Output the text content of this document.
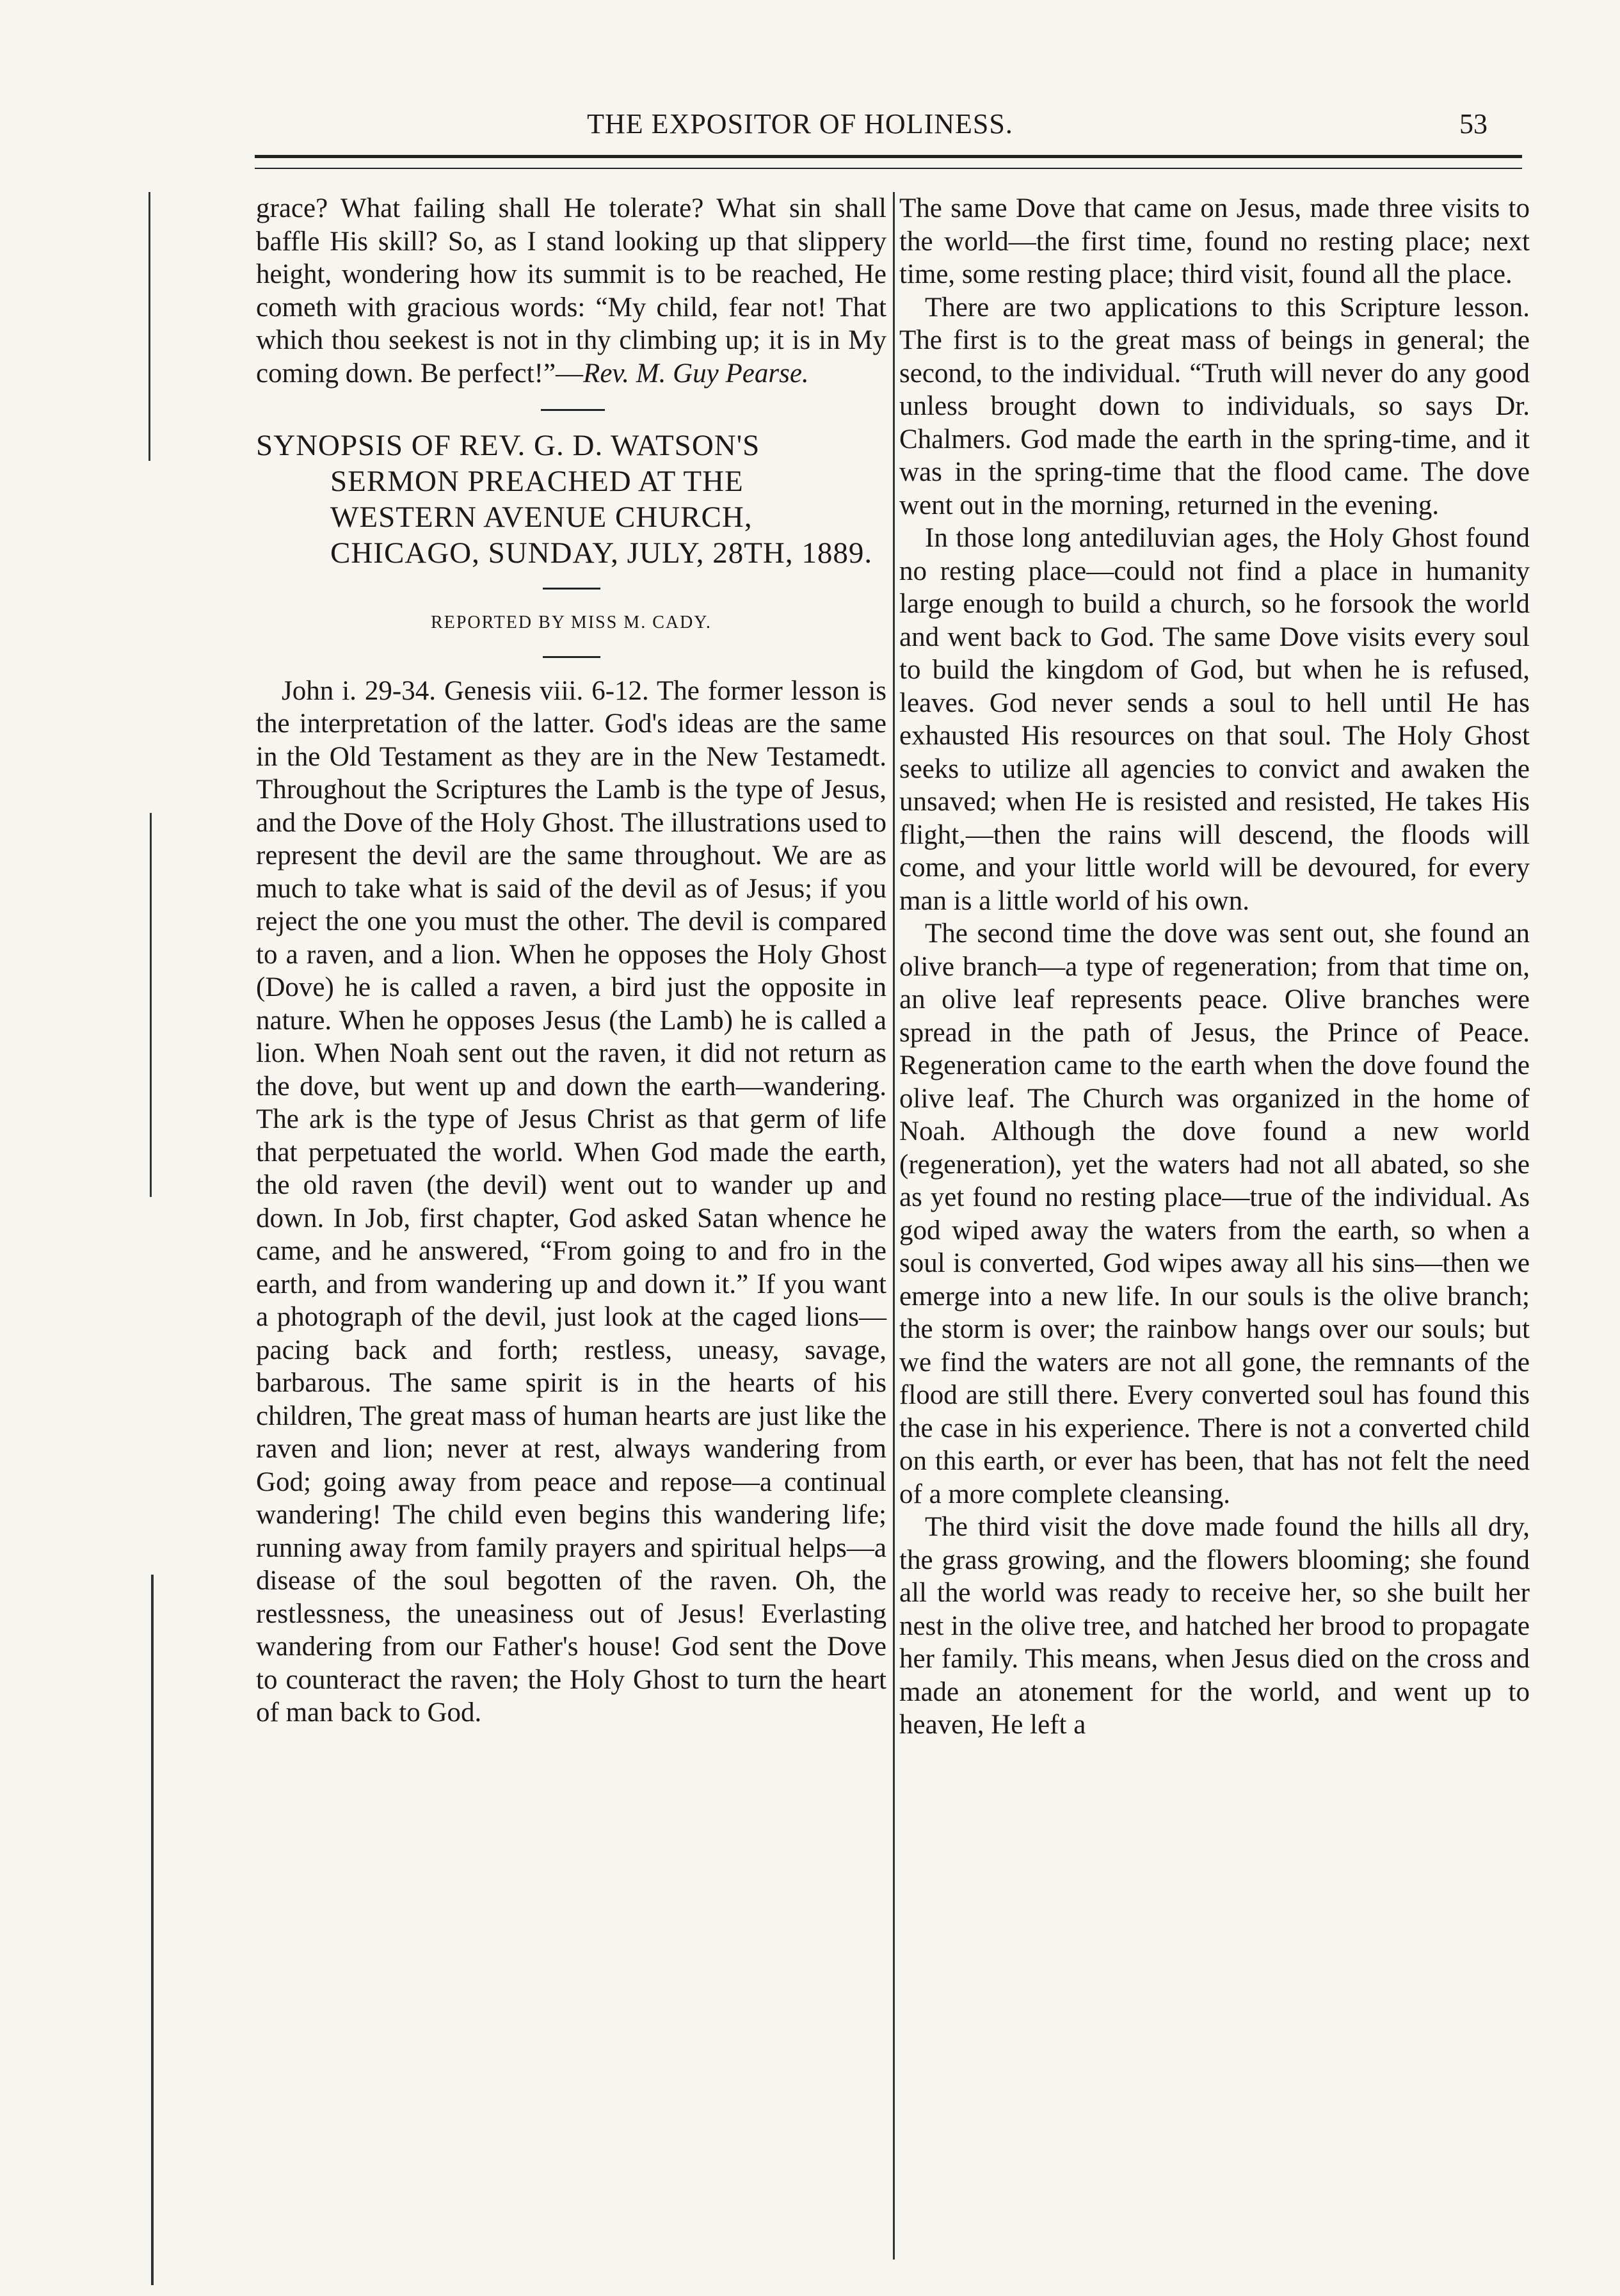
THE EXPOSITOR OF HOLINESS.	53

grace? What failing shall He tolerate? What sin shall baffle His skill? So, as I stand looking up that slippery height, wondering how its summit is to be reached, He cometh with gracious words: “My child, fear not! That which thou seekest is not in thy climbing up; it is in My coming down. Be perfect!”—Rev. M. Guy Pearse.

SYNOPSIS OF REV. G. D. WATSON'S SERMON PREACHED AT THE WESTERN AVENUE CHURCH, CHICAGO, SUNDAY, JULY, 28TH, 1889.

REPORTED BY MISS M. CADY.

John i. 29-34. Genesis viii. 6-12. The former lesson is the interpretation of the latter. God's ideas are the same in the Old Testament as they are in the New Testamedt. Throughout the Scriptures the Lamb is the type of Jesus, and the Dove of the Holy Ghost. The illustrations used to represent the devil are the same throughout. We are as much to take what is said of the devil as of Jesus; if you reject the one you must the other. The devil is compared to a raven, and a lion. When he opposes the Holy Ghost (Dove) he is called a raven, a bird just the opposite in nature. When he opposes Jesus (the Lamb) he is called a lion. When Noah sent out the raven, it did not return as the dove, but went up and down the earth—wandering. The ark is the type of Jesus Christ as that germ of life that perpetuated the world. When God made the earth, the old raven (the devil) went out to wander up and down. In Job, first chapter, God asked Satan whence he came, and he answered, “From going to and fro in the earth, and from wandering up and down it.” If you want a photograph of the devil, just look at the caged lions—pacing back and forth; restless, uneasy, savage, barbarous. The same spirit is in the hearts of his children, The great mass of human hearts are just like the raven and lion; never at rest, always wandering from God; going away from peace and repose—a continual wandering! The child even begins this wandering life; running away from family prayers and spiritual helps—a disease of the soul begotten of the raven. Oh, the restlessness, the uneasiness out of Jesus! Everlasting wandering from our Father's house! God sent the Dove to counteract the raven; the Holy Ghost to turn the heart of man back to God.

The same Dove that came on Jesus, made three visits to the world—the first time, found no resting place; next time, some resting place; third visit, found all the place.

There are two applications to this Scripture lesson. The first is to the great mass of beings in general; the second, to the individual. “Truth will never do any good unless brought down to individuals, so says Dr. Chalmers. God made the earth in the spring-time, and it was in the spring-time that the flood came. The dove went out in the morning, returned in the evening.

In those long antediluvian ages, the Holy Ghost found no resting place—could not find a place in humanity large enough to build a church, so he forsook the world and went back to God. The same Dove visits every soul to build the kingdom of God, but when he is refused, leaves. God never sends a soul to hell until He has exhausted His resources on that soul. The Holy Ghost seeks to utilize all agencies to convict and awaken the unsaved; when He is resisted and resisted, He takes His flight,—then the rains will descend, the floods will come, and your little world will be devoured, for every man is a little world of his own.

The second time the dove was sent out, she found an olive branch—a type of regeneration; from that time on, an olive leaf represents peace. Olive branches were spread in the path of Jesus, the Prince of Peace. Regeneration came to the earth when the dove found the olive leaf. The Church was organized in the home of Noah. Although the dove found a new world (regeneration), yet the waters had not all abated, so she as yet found no resting place—true of the individual. As god wiped away the waters from the earth, so when a soul is converted, God wipes away all his sins—then we emerge into a new life. In our souls is the olive branch; the storm is over; the rainbow hangs over our souls; but we find the waters are not all gone, the remnants of the flood are still there. Every converted soul has found this the case in his experience. There is not a converted child on this earth, or ever has been, that has not felt the need of a more complete cleansing.

The third visit the dove made found the hills all dry, the grass growing, and the flowers blooming; she found all the world was ready to receive her, so she built her nest in the olive tree, and hatched her brood to propagate her family. This means, when Jesus died on the cross and made an atonement for the world, and went up to heaven, He left a
